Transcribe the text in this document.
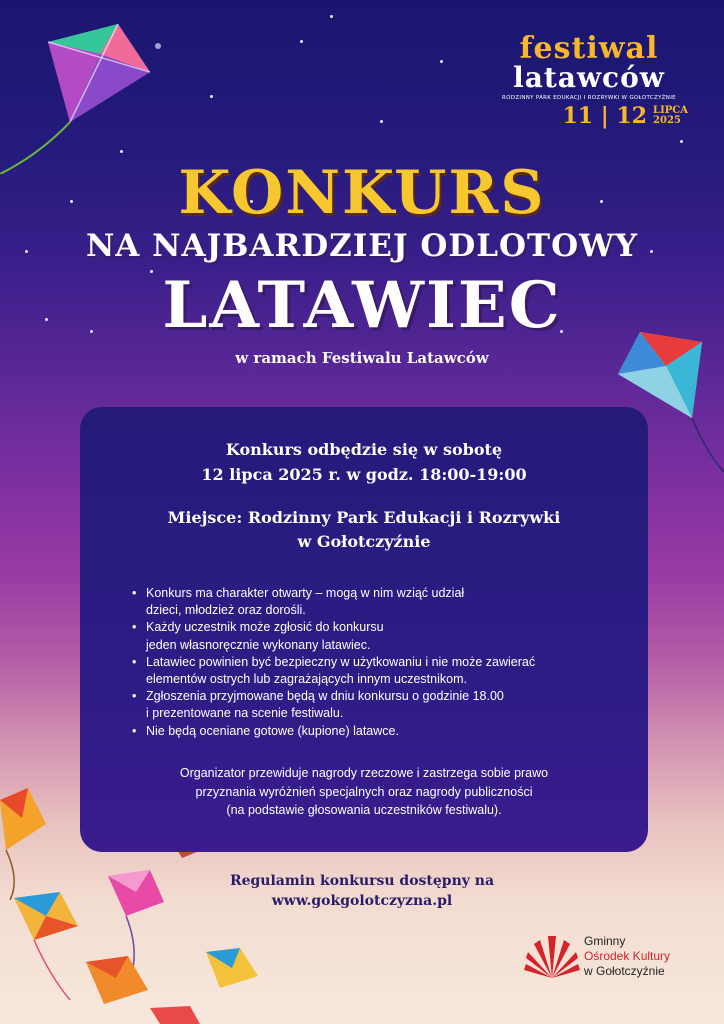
festiwal
latawców
RODZINNY PARK EDUKACJI I ROZRYWKI W GOŁOTCZYŹNIE
11 | 12 LIPCA
2025
KONKURS
NA NAJBARDZIEJ ODLOTOWY
LATAWIEC
w ramach Festiwalu Latawców
Konkurs odbędzie się w sobotę
12 lipca 2025 r. w godz. 18:00-19:00
Miejsce: Rodzinny Park Edukacji i Rozrywki
w Gołotczyźnie
• Konkurs ma charakter otwarty – mogą w nim wziąć udział
dzieci, młodzież oraz dorośli.
• Każdy uczestnik może zgłosić do konkursu
jeden własnoręcznie wykonany latawiec.
• Latawiec powinien być bezpieczny w użytkowaniu i nie może zawierać
elementów ostrych lub zagrażających innym uczestnikom.
• Zgłoszenia przyjmowane będą w dniu konkursu o godzinie 18.00
i prezentowane na scenie festiwalu.
• Nie będą oceniane gotowe (kupione) latawce.
Organizator przewiduje nagrody rzeczowe i zastrzega sobie prawo
przyznania wyróżnień specjalnych oraz nagrody publiczności
(na podstawie głosowania uczestników festiwalu).
Regulamin konkursu dostępny na
www.gokgolotczyzna.pl
Gminny
Ośrodek Kultury
w Gołotczyźnie
